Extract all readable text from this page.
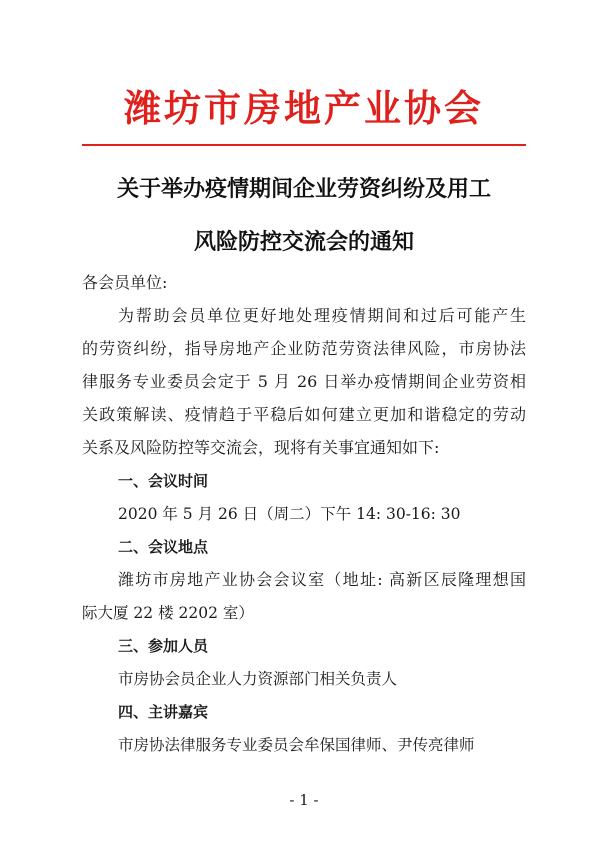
潍坊市房地产业协会
关于举办疫情期间企业劳资纠纷及用工
风险防控交流会的通知
各会员单位:
为帮助会员单位更好地处理疫情期间和过后可能产生
的劳资纠纷，指导房地产企业防范劳资法律风险，市房协法
律服务专业委员会定于 5 月 26 日举办疫情期间企业劳资相
关政策解读、疫情趋于平稳后如何建立更加和谐稳定的劳动
关系及风险防控等交流会，现将有关事宜通知如下:
一、会议时间
2020 年 5 月 26 日（周二）下午 14: 30-16: 30
二、会议地点
潍坊市房地产业协会会议室（地址: 高新区辰隆理想国
际大厦 22 楼 2202 室）
三、参加人员
市房协会员企业人力资源部门相关负责人
四、主讲嘉宾
市房协法律服务专业委员会牟保国律师、尹传亮律师
- 1 -
